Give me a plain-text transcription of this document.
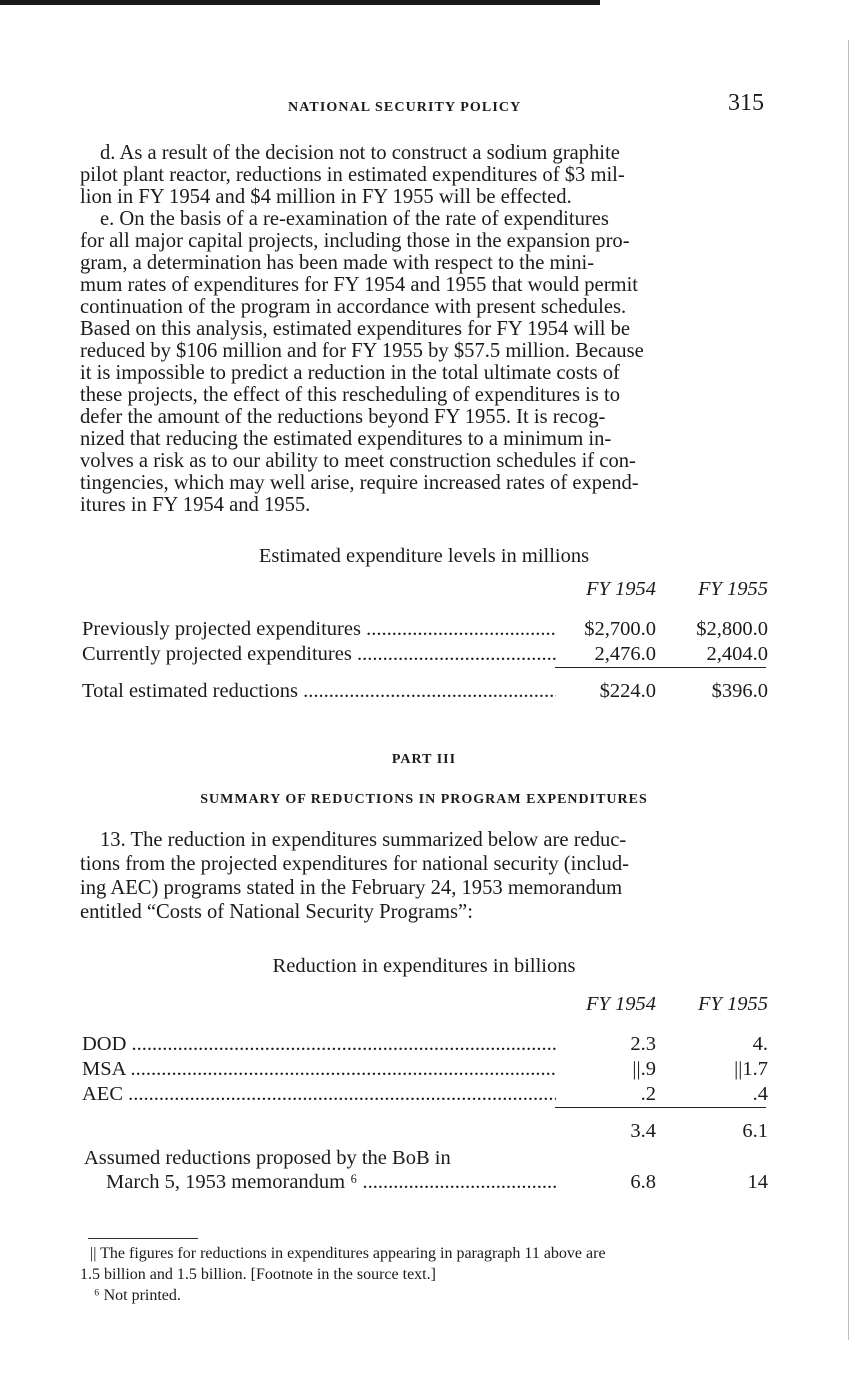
NATIONAL SECURITY POLICY	315
d. As a result of the decision not to construct a sodium graphite
pilot plant reactor, reductions in estimated expenditures of $3 mil-
lion in FY 1954 and $4 million in FY 1955 will be effected.
e. On the basis of a re-examination of the rate of expenditures
for all major capital projects, including those in the expansion pro-
gram, a determination has been made with respect to the mini-
mum rates of expenditures for FY 1954 and 1955 that would permit
continuation of the program in accordance with present schedules.
Based on this analysis, estimated expenditures for FY 1954 will be
reduced by $106 million and for FY 1955 by $57.5 million. Because
it is impossible to predict a reduction in the total ultimate costs of
these projects, the effect of this rescheduling of expenditures is to
defer the amount of the reductions beyond FY 1955. It is recog-
nized that reducing the estimated expenditures to a minimum in-
volves a risk as to our ability to meet construction schedules if con-
tingencies, which may well arise, require increased rates of expend-
itures in FY 1954 and 1955.
Estimated expenditure levels in millions
FY 1954 FY 1955
Previously projected expenditures .....	$2,700.0 $2,800.0
Currently projected expenditures .....	2,476.0 2,404.0
Total estimated reductions .....	$224.0	$396.0
PART III
SUMMARY OF REDUCTIONS IN PROGRAM EXPENDITURES
13. The reduction in expenditures summarized below are reduc-
tions from the projected expenditures for national security (includ-
ing AEC) programs stated in the February 24, 1953 memorandum
entitled “Costs of National Security Programs”:
Reduction in expenditures in billions
FY 1954 FY 1955
DOD .....	2.3	4.
MSA .....	||.9	||1.7
AEC .....	.2	.4
3.4	6.1
Assumed reductions proposed by the BoB in
March 5, 1953 memorandum ⁶ .....	6.8	14
|| The figures for reductions in expenditures appearing in paragraph 11 above are
1.5 billion and 1.5 billion. [Footnote in the source text.]
⁶ Not printed.
